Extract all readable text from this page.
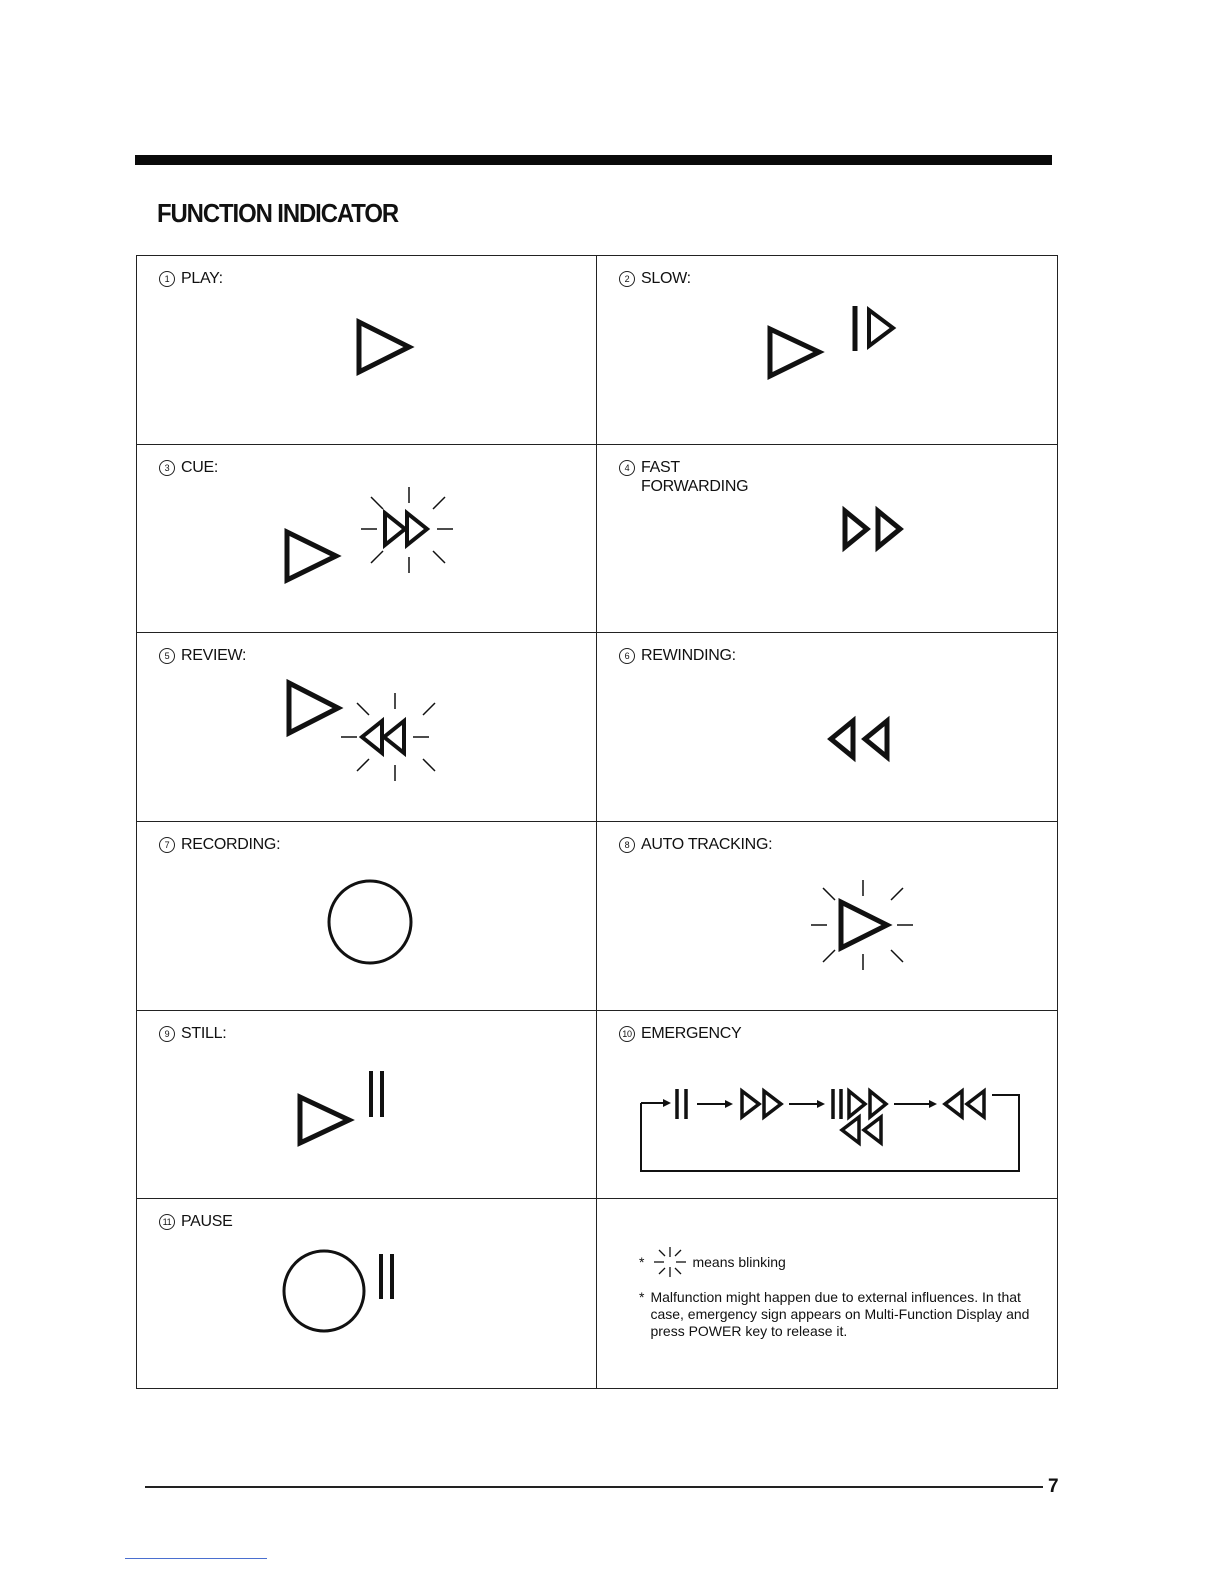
FUNCTION INDICATOR
1 PLAY:	2 SLOW:
3 CUE:	4 FAST
FORWARDING
5 REVIEW:	6 REWINDING:
7 RECORDING:	8 AUTO TRACKING:
9 STILL:	10 EMERGENCY
11 PAUSE
*	means blinking
* Malfunction might happen due to external influences. In that case, emergency sign appears on Multi-Function Display and press POWER key to release it.

7
